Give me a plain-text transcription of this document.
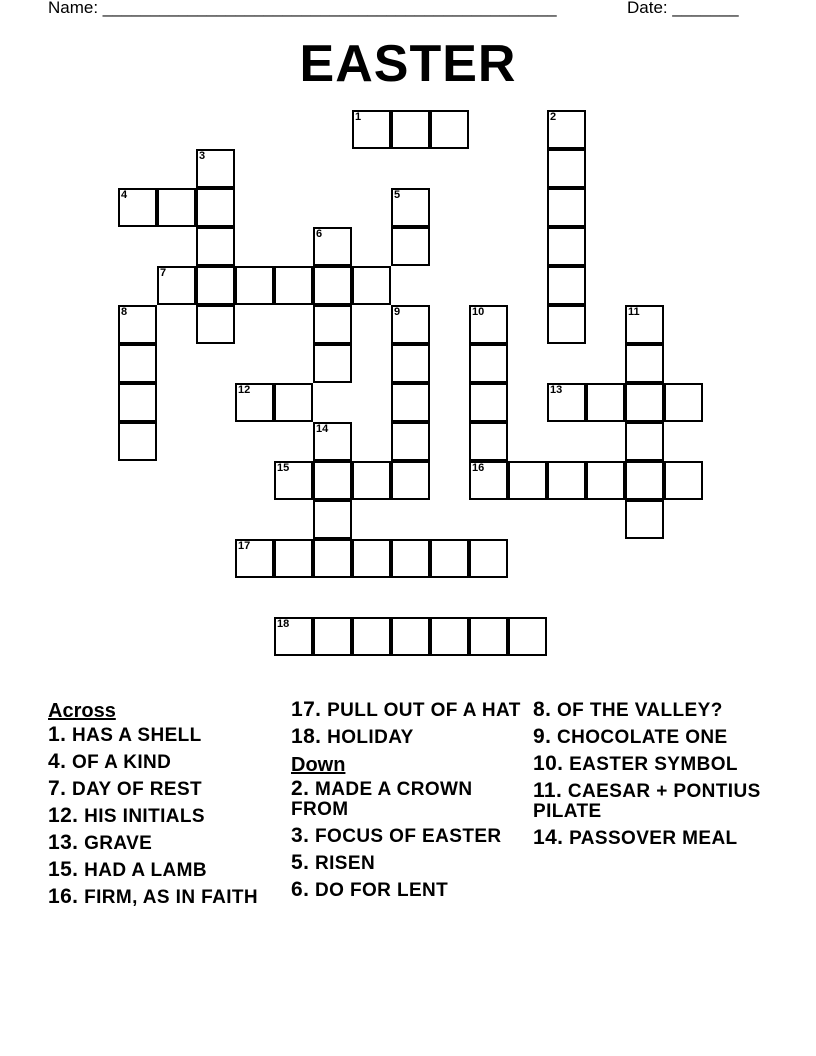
Name: ________________________________________________	Date: _______
EASTER
1	2
3
4	5
6
7
8	9	10	11
12	13
14
15	16
17
18
Across
1. HAS A SHELL
4. OF A KIND
7. DAY OF REST
12. HIS INITIALS
13. GRAVE
15. HAD A LAMB
16. FIRM, AS IN FAITH
17. PULL OUT OF A HAT
18. HOLIDAY
Down
2. MADE A CROWN FROM
3. FOCUS OF EASTER
5. RISEN
6. DO FOR LENT
8. OF THE VALLEY?
9. CHOCOLATE ONE
10. EASTER SYMBOL
11. CAESAR + PONTIUS PILATE
14. PASSOVER MEAL
